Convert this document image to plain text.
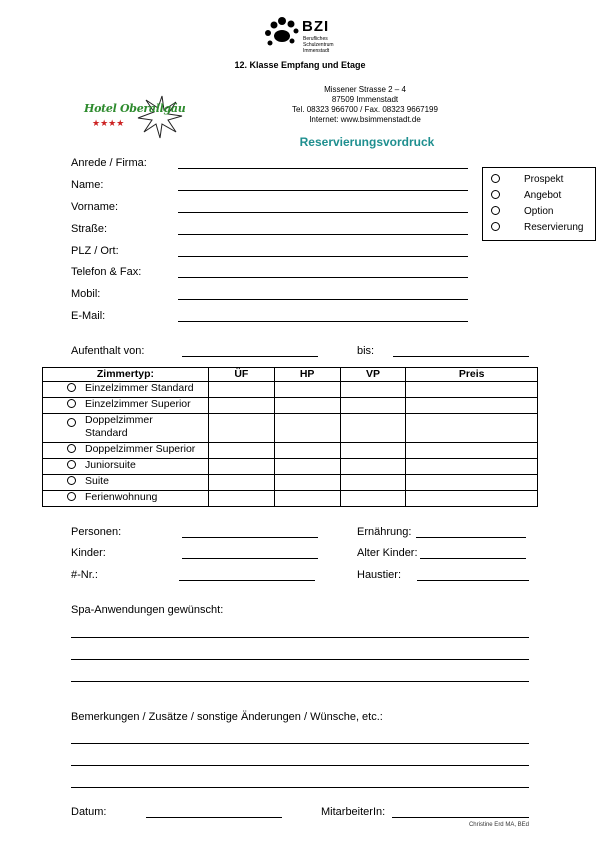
BZI
Berufliches
Schulzentrum
Immenstadt
12. Klasse Empfang und Etage
Hotel Oberallgäu
★★★★
Missener Strasse 2 – 4
87509 Immenstadt
Tel. 08323 966700 / Fax. 08323 9667199
Internet: www.bsimmenstadt.de
Reservierungsvordruck
Anrede / Firma:
Name:
Vorname:
Straße:
PLZ / Ort:
Telefon & Fax:
Mobil:
E-Mail:
Prospekt
Angebot
Option
Reservierung
Aufenthalt von:	bis:
Zimmertyp:	ÜF	HP	VP	Preis
Einzelzimmer Standard				
Einzelzimmer Superior				

Doppelzimmer Standard				

Doppelzimmer Superior				
Juniorsuite				
Suite				
Ferienwohnung				
Personen:	Ernährung:
Kinder:	Alter Kinder:
#-Nr.:	Haustier:
Spa-Anwendungen gewünscht:
Bemerkungen / Zusätze / sonstige Änderungen / Wünsche, etc.:
Datum:	MitarbeiterIn:
Christine Erd MA, BEd
